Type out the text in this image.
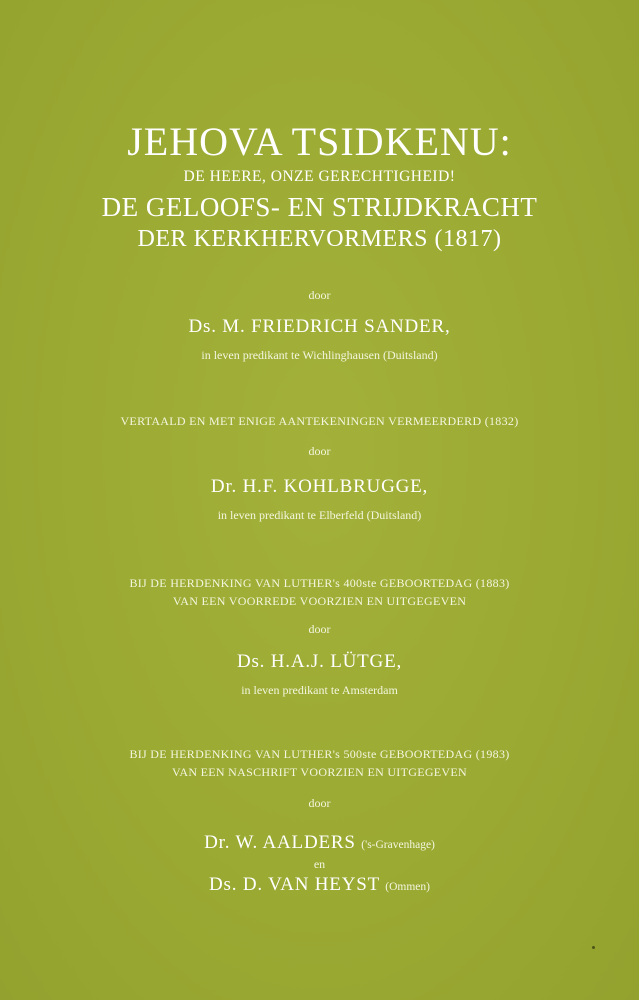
JEHOVA TSIDKENU:
DE HEERE, ONZE GERECHTIGHEID!
DE GELOOFS- EN STRIJDKRACHT
DER KERKHERVORMERS (1817)
door
Ds. M. FRIEDRICH SANDER,
in leven predikant te Wichlinghausen (Duitsland)
VERTAALD EN MET ENIGE AANTEKENINGEN VERMEERDERD (1832)
door
Dr. H.F. KOHLBRUGGE,
in leven predikant te Elberfeld (Duitsland)
BIJ DE HERDENKING VAN LUTHER's 400ste GEBOORTEDAG (1883)
VAN EEN VOORREDE VOORZIEN EN UITGEGEVEN
door
Ds. H.A.J. LÜTGE,
in leven predikant te Amsterdam
BIJ DE HERDENKING VAN LUTHER's 500ste GEBOORTEDAG (1983)
VAN EEN NASCHRIFT VOORZIEN EN UITGEGEVEN
door
Dr. W. AALDERS ('s-Gravenhage)
en
Ds. D. VAN HEYST (Ommen)
